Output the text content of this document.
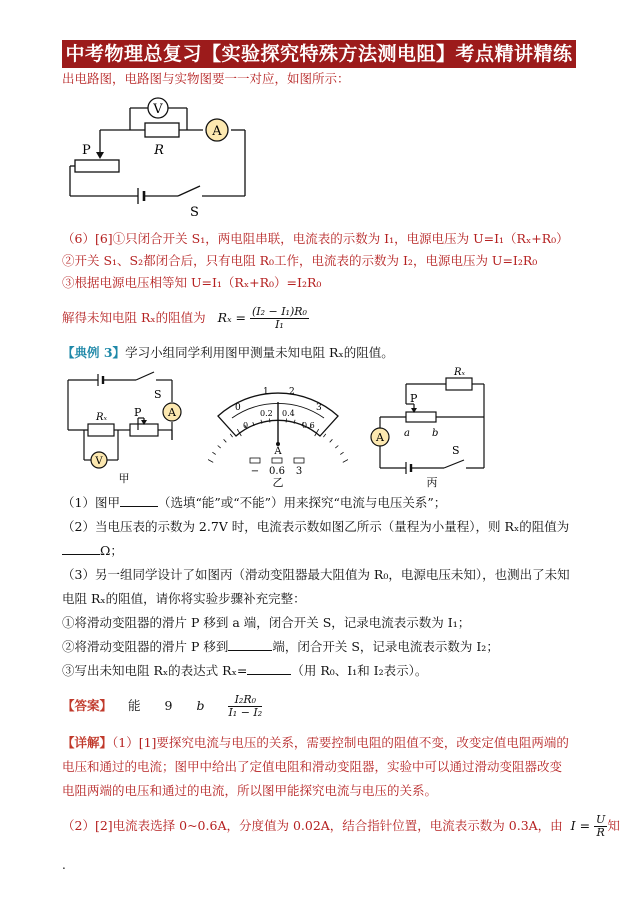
中考物理总复习【实验探究特殊方法测电阻】考点精讲精练
出电路图，电路图与实物图要一一对应，如图所示：
V
A
R
P
S
（6）[6]①只闭合开关 S₁，两电阻串联，电流表的示数为 I₁，电源电压为 U=I₁（Rₓ+R₀）
②开关 S₁、S₂都闭合后，只有电阻 R₀工作，电流表的示数为 I₂，电源电压为 U=I₂R₀
③根据电源电压相等知 U=I₁（Rₓ+R₀）=I₂R₀
解得未知电阻 Rₓ的阻值为 $R_x = \frac{\text{(I₂ − I₁)R₀}}{\text{I₁}}$
【典例 3】学习小组同学利用图甲测量未知电阻 Rₓ的阻值。
A
V
Rₓ P
S
甲
0
1 2
3
0
0.2 0.4
0.6
A
− 0.6 3
乙
A
Rₓ
P
a b
S
丙
（1）图甲	（选填“能”或“不能”）用来探究“电流与电压关系”；
（2）当电压表的示数为 2.7V 时，电流表示数如图乙所示（量程为小量程），则 Rₓ的阻值为
Ω；
（3）另一组同学设计了如图丙（滑动变阻器最大阻值为 R₀，电源电压未知），也测出了未知
电阻 Rₓ的阻值，请你将实验步骤补充完整：
①将滑动变阻器的滑片 P 移到 a 端，闭合开关 S，记录电流表示数为 I₁；
②将滑动变阻器的滑片 P 移到	端，闭合开关 S，记录电流表示数为 I₂；
③写出未知电阻 Rₓ的表达式 Rₓ=	（用 R₀、I₁和 I₂表示）。
【答案】 能 9 b $\frac{\text{I₂R₀}}{\text{I₁ − I₂}}$
【详解】（1）[1]要探究电流与电压的关系，需要控制电阻的阻值不变，改变定值电阻两端的
电压和通过的电流；图甲中给出了定值电阻和滑动变阻器，实验中可以通过滑动变阻器改变
电阻两端的电压和通过的电流，所以图甲能探究电流与电压的关系。
（2）[2]电流表选择 0~0.6A，分度值为 0.02A，结合指针位置，电流表示数为 0.3A，由 $I = \frac{U}{R}$ 知
.
